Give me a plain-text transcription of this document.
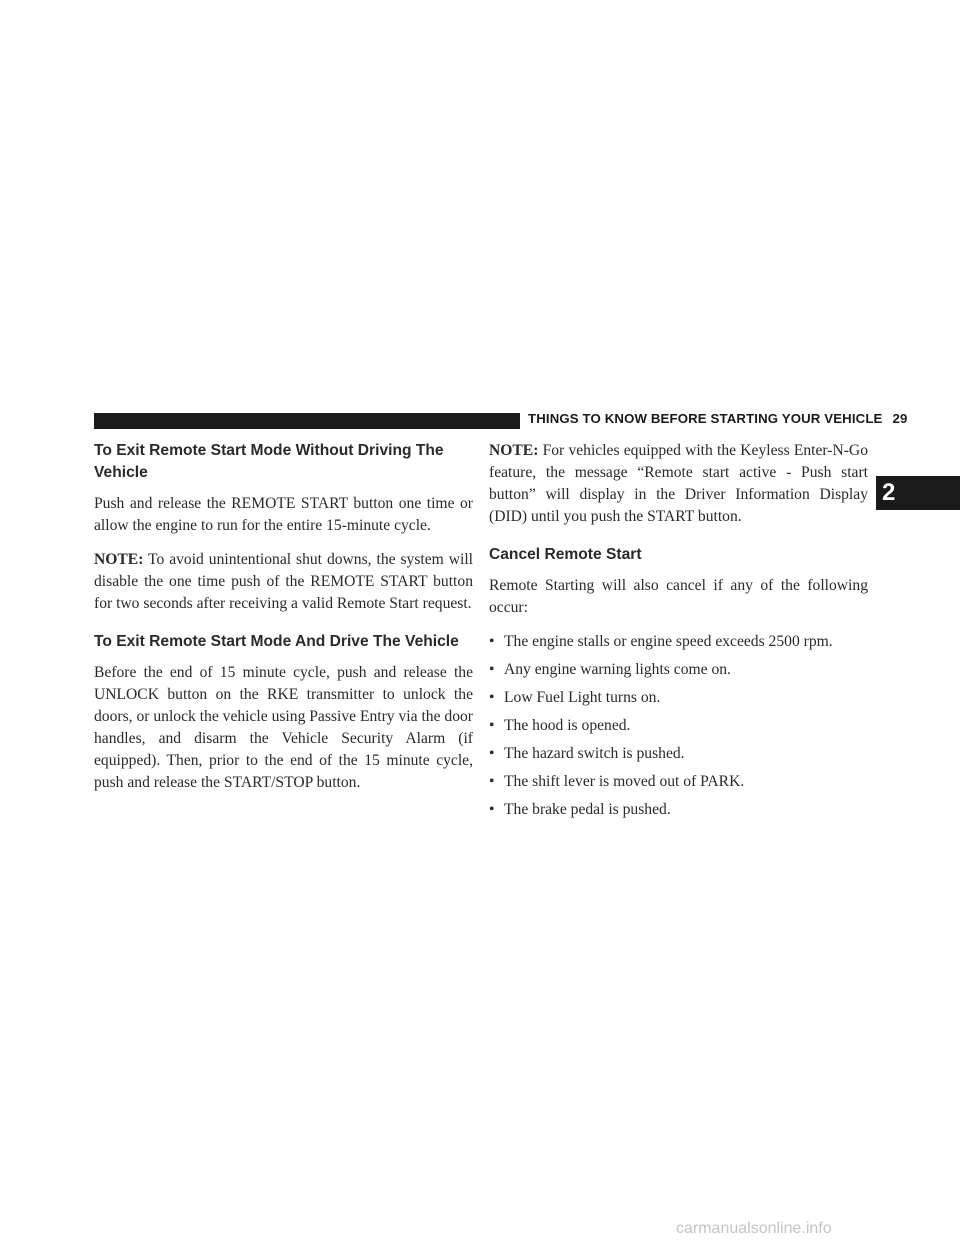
THINGS TO KNOW BEFORE STARTING YOUR VEHICLE 29
2
To Exit Remote Start Mode Without Driving The Vehicle

Push and release the REMOTE START button one time or allow the engine to run for the entire 15-minute cycle.

NOTE: To avoid unintentional shut downs, the system will disable the one time push of the REMOTE START button for two seconds after receiving a valid Remote Start request.

To Exit Remote Start Mode And Drive The Vehicle

Before the end of 15 minute cycle, push and release the UNLOCK button on the RKE transmitter to unlock the doors, or unlock the vehicle using Passive Entry via the door handles, and disarm the Vehicle Security Alarm (if equipped). Then, prior to the end of the 15 minute cycle, push and release the START/STOP button.

NOTE: For vehicles equipped with the Keyless Enter-N-Go feature, the message “Remote start active - Push start button” will display in the Driver Information Display (DID) until you push the START button.

Cancel Remote Start

Remote Starting will also cancel if any of the following occur:

• The engine stalls or engine speed exceeds 2500 rpm.
• Any engine warning lights come on.
• Low Fuel Light turns on.
• The hood is opened.
• The hazard switch is pushed.
• The shift lever is moved out of PARK.
• The brake pedal is pushed.
carmanualsonline.info
